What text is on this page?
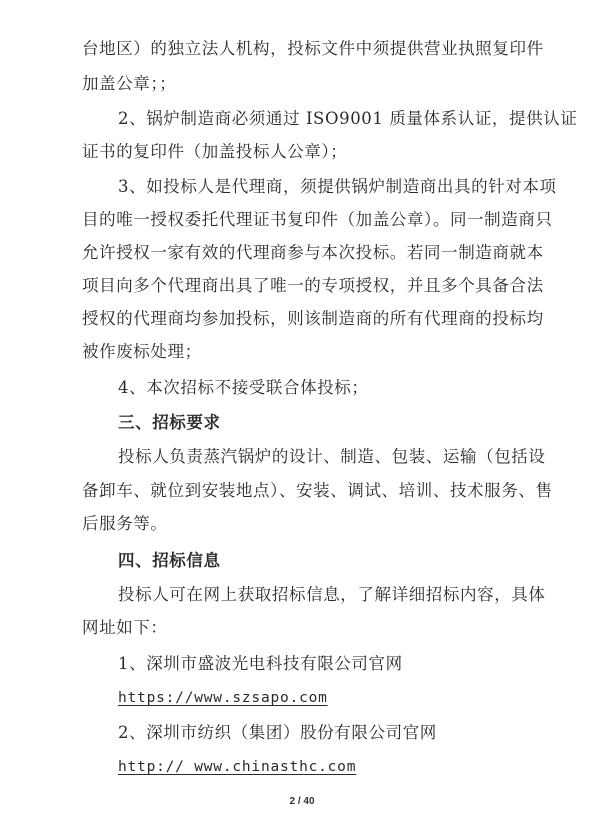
台地区）的独立法人机构，投标文件中须提供营业执照复印件
加盖公章；；
2、锅炉制造商必须通过 ISO9001 质量体系认证，提供认证
证书的复印件（加盖投标人公章）；
3、如投标人是代理商，须提供锅炉制造商出具的针对本项
目的唯一授权委托代理证书复印件（加盖公章）。同一制造商只
允许授权一家有效的代理商参与本次投标。若同一制造商就本
项目向多个代理商出具了唯一的专项授权，并且多个具备合法
授权的代理商均参加投标，则该制造商的所有代理商的投标均
被作废标处理；
4、本次招标不接受联合体投标；
三、招标要求
投标人负责蒸汽锅炉的设计、制造、包装、运输（包括设
备卸车、就位到安装地点）、安装、调试、培训、技术服务、售
后服务等。
四、招标信息
投标人可在网上获取招标信息，了解详细招标内容，具体
网址如下：
1、深圳市盛波光电科技有限公司官网
https://www.szsapo.com
2、深圳市纺织（集团）股份有限公司官网
http:// www.chinasthc.com
2 / 40
